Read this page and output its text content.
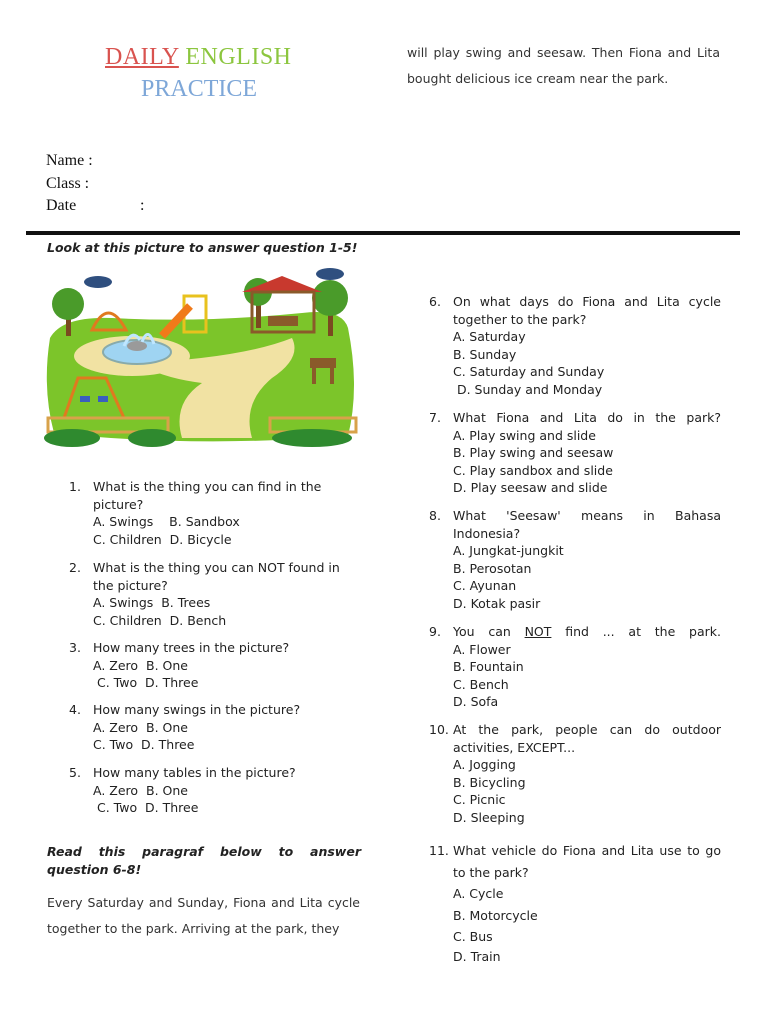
DAILY ENGLISH
PRACTICE
Name :
Class :
Date	:
will play swing and seesaw. Then Fiona and Lita bought delicious ice cream near the park.
Look at this picture to answer question 1-5!
1. What is the thing you can find in the picture?
A. Swings    B. Sandbox
C. Children  D. Bicycle
2. What is the thing you can NOT found in the picture?
A. Swings  B. Trees
C. Children  D. Bench
3. How many trees in the picture?
A. Zero  B. One
C. Two  D. Three
4. How many swings in the picture?
A. Zero  B. One
C. Two  D. Three
5. How many tables in the picture?
A. Zero  B. One
C. Two  D. Three
Read this paragraf below to answer question 6-8!
Every Saturday and Sunday, Fiona and Lita cycle together to the park. Arriving at the park, they
6. On what days do Fiona and Lita cycle together to the park?
A. Saturday
B. Sunday
C. Saturday and Sunday
D. Sunday and Monday
7. What Fiona and Lita do in the park?
A. Play swing and slide
B. Play swing and seesaw
C. Play sandbox and slide
D. Play seesaw and slide
8. What 'Seesaw' means in Bahasa Indonesia?
A. Jungkat-jungkit
B. Perosotan
C. Ayunan
D. Kotak pasir
9. You can NOT find ... at the park.
A. Flower
B. Fountain
C. Bench
D. Sofa
10. At the park, people can do outdoor activities, EXCEPT...
A. Jogging
B. Bicycling
C. Picnic
D. Sleeping
11. What vehicle do Fiona and Lita use to go to the park?
A. Cycle
B. Motorcycle
C. Bus
D. Train
